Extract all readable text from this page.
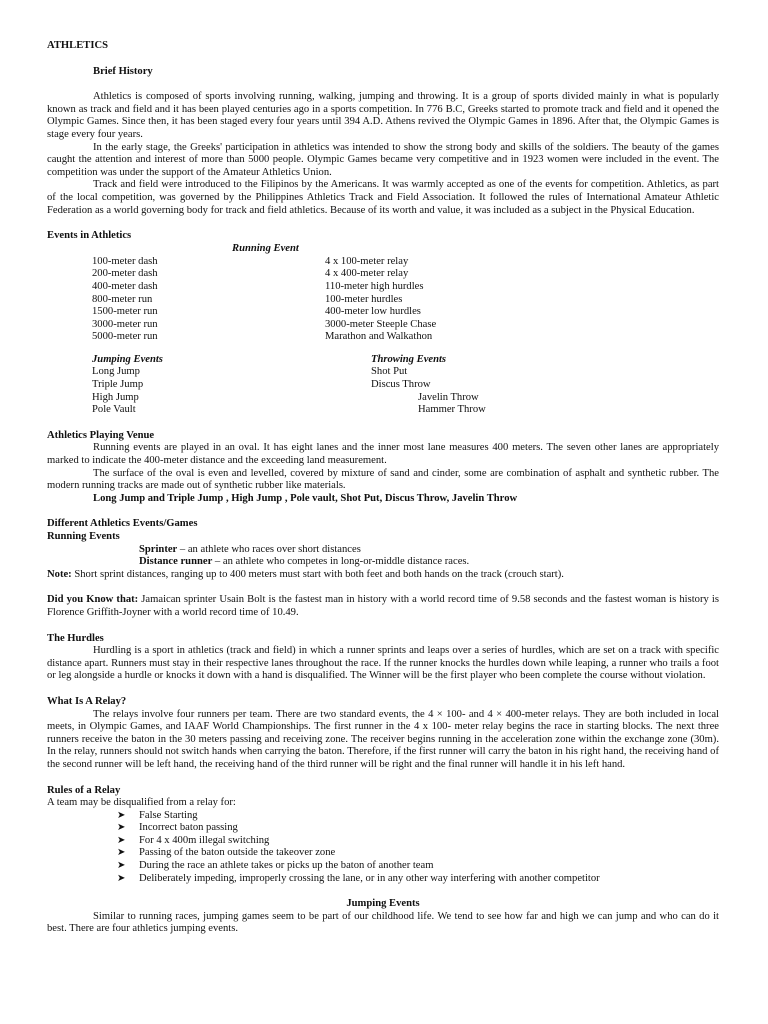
ATHLETICS
Brief History

Athletics is composed of sports involving running, walking, jumping and throwing. It is a group of sports divided mainly in what is popularly known as track and field and it has been played centuries ago in a sports competition. In 776 B.C, Greeks started to promote track and field and it opened the Olympic Games. Since then, it has been staged every four years until 394 A.D. Athens revived the Olympic Games in 1896. After that, the Olympic Games is stage every four years.

In the early stage, the Greeks' participation in athletics was intended to show the strong body and skills of the soldiers. The beauty of the games caught the attention and interest of more than 5000 people. Olympic Games became very competitive and in 1923 women were included in the event. The competition was under the support of the Amateur Athletics Union.

Track and field were introduced to the Filipinos by the Americans. It was warmly accepted as one of the events for competition. Athletics, as part of the local competition, was governed by the Philippines Athletics Track and Field Association. It followed the rules of International Amateur Athletic Federation as a world governing body for track and field athletics. Because of its worth and value, it was included as a subject in the Physical Education.

Events in Athletics
Running Event
100-meter dash	4 x 100-meter relay
200-meter dash	4 x 400-meter relay
400-meter dash	110-meter high hurdles
800-meter run	100-meter hurdles
1500-meter run	400-meter low hurdles
3000-meter run	3000-meter Steeple Chase
5000-meter run	Marathon and Walkathon
Jumping Events	Throwing Events
Long Jump	Shot Put
Triple Jump	Discus Throw
High Jump	Javelin Throw
Pole Vault	Hammer Throw
Athletics Playing Venue

Running events are played in an oval. It has eight lanes and the inner most lane measures 400 meters. The seven other lanes are appropriately marked to indicate the 400-meter distance and the exceeding land measurement.

The surface of the oval is even and levelled, covered by mixture of sand and cinder, some are combination of asphalt and synthetic rubber. The modern running tracks are made out of synthetic rubber like materials.

Long Jump and Triple Jump , High Jump , Pole vault, Shot Put, Discus Throw, Javelin Throw
Different Athletics Events/Games
Running Events

Sprinter – an athlete who races over short distances

Distance runner – an athlete who competes in long-or-middle distance races.

Note: Short sprint distances, ranging up to 400 meters must start with both feet and both hands on the track (crouch start).

Did you Know that: Jamaican sprinter Usain Bolt is the fastest man in history with a world record time of 9.58 seconds and the fastest woman is history is Florence Griffith-Joyner with a world record time of 10.49.

The Hurdles

Hurdling is a sport in athletics (track and field) in which a runner sprints and leaps over a series of hurdles, which are set on a track with specific distance apart. Runners must stay in their respective lanes throughout the race. If the runner knocks the hurdles down while leaping, a runner who trails a foot or leg alongside a hurdle or knocks it down with a hand is disqualified. The Winner will be the first player who been complete the course without violation.

What Is A Relay?

The relays involve four runners per team. There are two standard events, the 4 × 100- and 4 × 400-meter relays. They are both included in local meets, in Olympic Games, and IAAF World Championships. The first runner in the 4 x 100- meter relay begins the race in starting blocks. The next three runners receive the baton in the 30 meters passing and receiving zone. The receiver begins running in the acceleration zone within the exchange zone (30m). In the relay, runners should not switch hands when carrying the baton. Therefore, if the first runner will carry the baton in his right hand, the receiving hand of the second runner will be left hand, the receiving hand of the third runner will be right and the final runner will handle it in his left hand.

Rules of a Relay
A team may be disqualified from a relay for:
➤ False Starting
➤ Incorrect baton passing
➤ For 4 x 400m illegal switching
➤ Passing of the baton outside the takeover zone
➤ During the race an athlete takes or picks up the baton of another team
➤ Deliberately impeding, improperly crossing the lane, or in any other way interfering with another competitor
Jumping Events

Similar to running races, jumping games seem to be part of our childhood life. We tend to see how far and high we can jump and who can do it best. There are four athletics jumping events.
